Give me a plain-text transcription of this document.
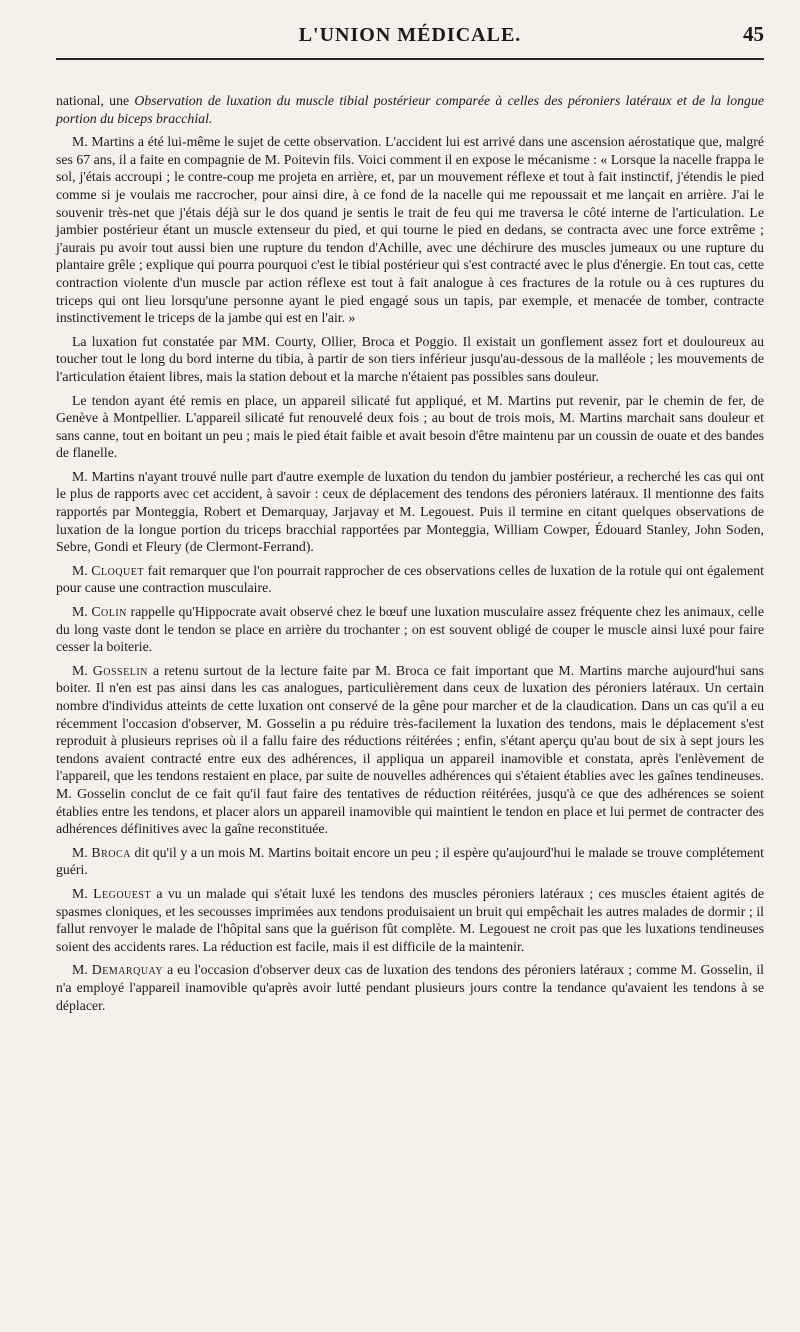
L'UNION MÉDICALE.	45

national, une Observation de luxation du muscle tibial postérieur comparée à celles des péroniers latéraux et de la longue portion du biceps bracchial.

M. Martins a été lui-même le sujet de cette observation. L'accident lui est arrivé dans une ascension aérostatique que, malgré ses 67 ans, il a faite en compagnie de M. Poitevin fils. Voici comment il en expose le mécanisme : « Lorsque la nacelle frappa le sol, j'étais accroupi ; le contre-coup me projeta en arrière, et, par un mouvement réflexe et tout à fait instinctif, j'étendis le pied comme si je voulais me raccrocher, pour ainsi dire, à ce fond de la nacelle qui me repoussait et me lançait en arrière. J'ai le souvenir très-net que j'étais déjà sur le dos quand je sentis le trait de feu qui me traversa le côté interne de l'articulation. Le jambier postérieur étant un muscle extenseur du pied, et qui tourne le pied en dedans, se contracta avec une force extrême ; j'aurais pu avoir tout aussi bien une rupture du tendon d'Achille, avec une déchirure des muscles jumeaux ou une rupture du plantaire grêle ; explique qui pourra pourquoi c'est le tibial postérieur qui s'est contracté avec le plus d'énergie. En tout cas, cette contraction violente d'un muscle par action réflexe est tout à fait analogue à ces fractures de la rotule ou à ces ruptures du triceps qui ont lieu lorsqu'une personne ayant le pied engagé sous un tapis, par exemple, et menacée de tomber, contracte instinctivement le triceps de la jambe qui est en l'air. »

La luxation fut constatée par MM. Courty, Ollier, Broca et Poggio. Il existait un gonflement assez fort et douloureux au toucher tout le long du bord interne du tibia, à partir de son tiers inférieur jusqu'au-dessous de la malléole ; les mouvements de l'articulation étaient libres, mais la station debout et la marche n'étaient pas possibles sans douleur.

Le tendon ayant été remis en place, un appareil silicaté fut appliqué, et M. Martins put revenir, par le chemin de fer, de Genève à Montpellier. L'appareil silicaté fut renouvelé deux fois ; au bout de trois mois, M. Martins marchait sans douleur et sans canne, tout en boitant un peu ; mais le pied était faible et avait besoin d'être maintenu par un coussin de ouate et des bandes de flanelle.

M. Martins n'ayant trouvé nulle part d'autre exemple de luxation du tendon du jambier postérieur, a recherché les cas qui ont le plus de rapports avec cet accident, à savoir : ceux de déplacement des tendons des péroniers latéraux. Il mentionne des faits rapportés par Monteggia, Robert et Demarquay, Jarjavay et M. Legouest. Puis il termine en citant quelques observations de luxation de la longue portion du triceps bracchial rapportées par Monteggia, William Cowper, Édouard Stanley, John Soden, Sebre, Gondi et Fleury (de Clermont-Ferrand).

M. Cloquet fait remarquer que l'on pourrait rapprocher de ces observations celles de luxation de la rotule qui ont également pour cause une contraction musculaire.

M. Colin rappelle qu'Hippocrate avait observé chez le bœuf une luxation musculaire assez fréquente chez les animaux, celle du long vaste dont le tendon se place en arrière du trochanter ; on est souvent obligé de couper le muscle ainsi luxé pour faire cesser la boiterie.

M. Gosselin a retenu surtout de la lecture faite par M. Broca ce fait important que M. Martins marche aujourd'hui sans boiter. Il n'en est pas ainsi dans les cas analogues, particulièrement dans ceux de luxation des péroniers latéraux. Un certain nombre d'individus atteints de cette luxation ont conservé de la gêne pour marcher et de la claudication. Dans un cas qu'il a eu récemment l'occasion d'observer, M. Gosselin a pu réduire très-facilement la luxation des tendons, mais le déplacement s'est reproduit à plusieurs reprises où il a fallu faire des réductions réitérées ; enfin, s'étant aperçu qu'au bout de six à sept jours les tendons avaient contracté entre eux des adhérences, il appliqua un appareil inamovible et constata, après l'enlèvement de l'appareil, que les tendons restaient en place, par suite de nouvelles adhérences qui s'étaient établies avec les gaînes tendineuses. M. Gosselin conclut de ce fait qu'il faut faire des tentatives de réduction réitérées, jusqu'à ce que des adhérences se soient établies entre les tendons, et placer alors un appareil inamovible qui maintient le tendon en place et lui permet de contracter des adhérences définitives avec la gaîne reconstituée.

M. Broca dit qu'il y a un mois M. Martins boitait encore un peu ; il espère qu'aujourd'hui le malade se trouve complétement guéri.

M. Legouest a vu un malade qui s'était luxé les tendons des muscles péroniers latéraux ; ces muscles étaient agités de spasmes cloniques, et les secousses imprimées aux tendons produisaient un bruit qui empêchait les autres malades de dormir ; il fallut renvoyer le malade de l'hôpital sans que la guérison fût complète. M. Legouest ne croit pas que les luxations tendineuses soient des accidents rares. La réduction est facile, mais il est difficile de la maintenir.

M. Demarquay a eu l'occasion d'observer deux cas de luxation des tendons des péroniers latéraux ; comme M. Gosselin, il n'a employé l'appareil inamovible qu'après avoir lutté pendant plusieurs jours contre la tendance qu'avaient les tendons à se déplacer.
